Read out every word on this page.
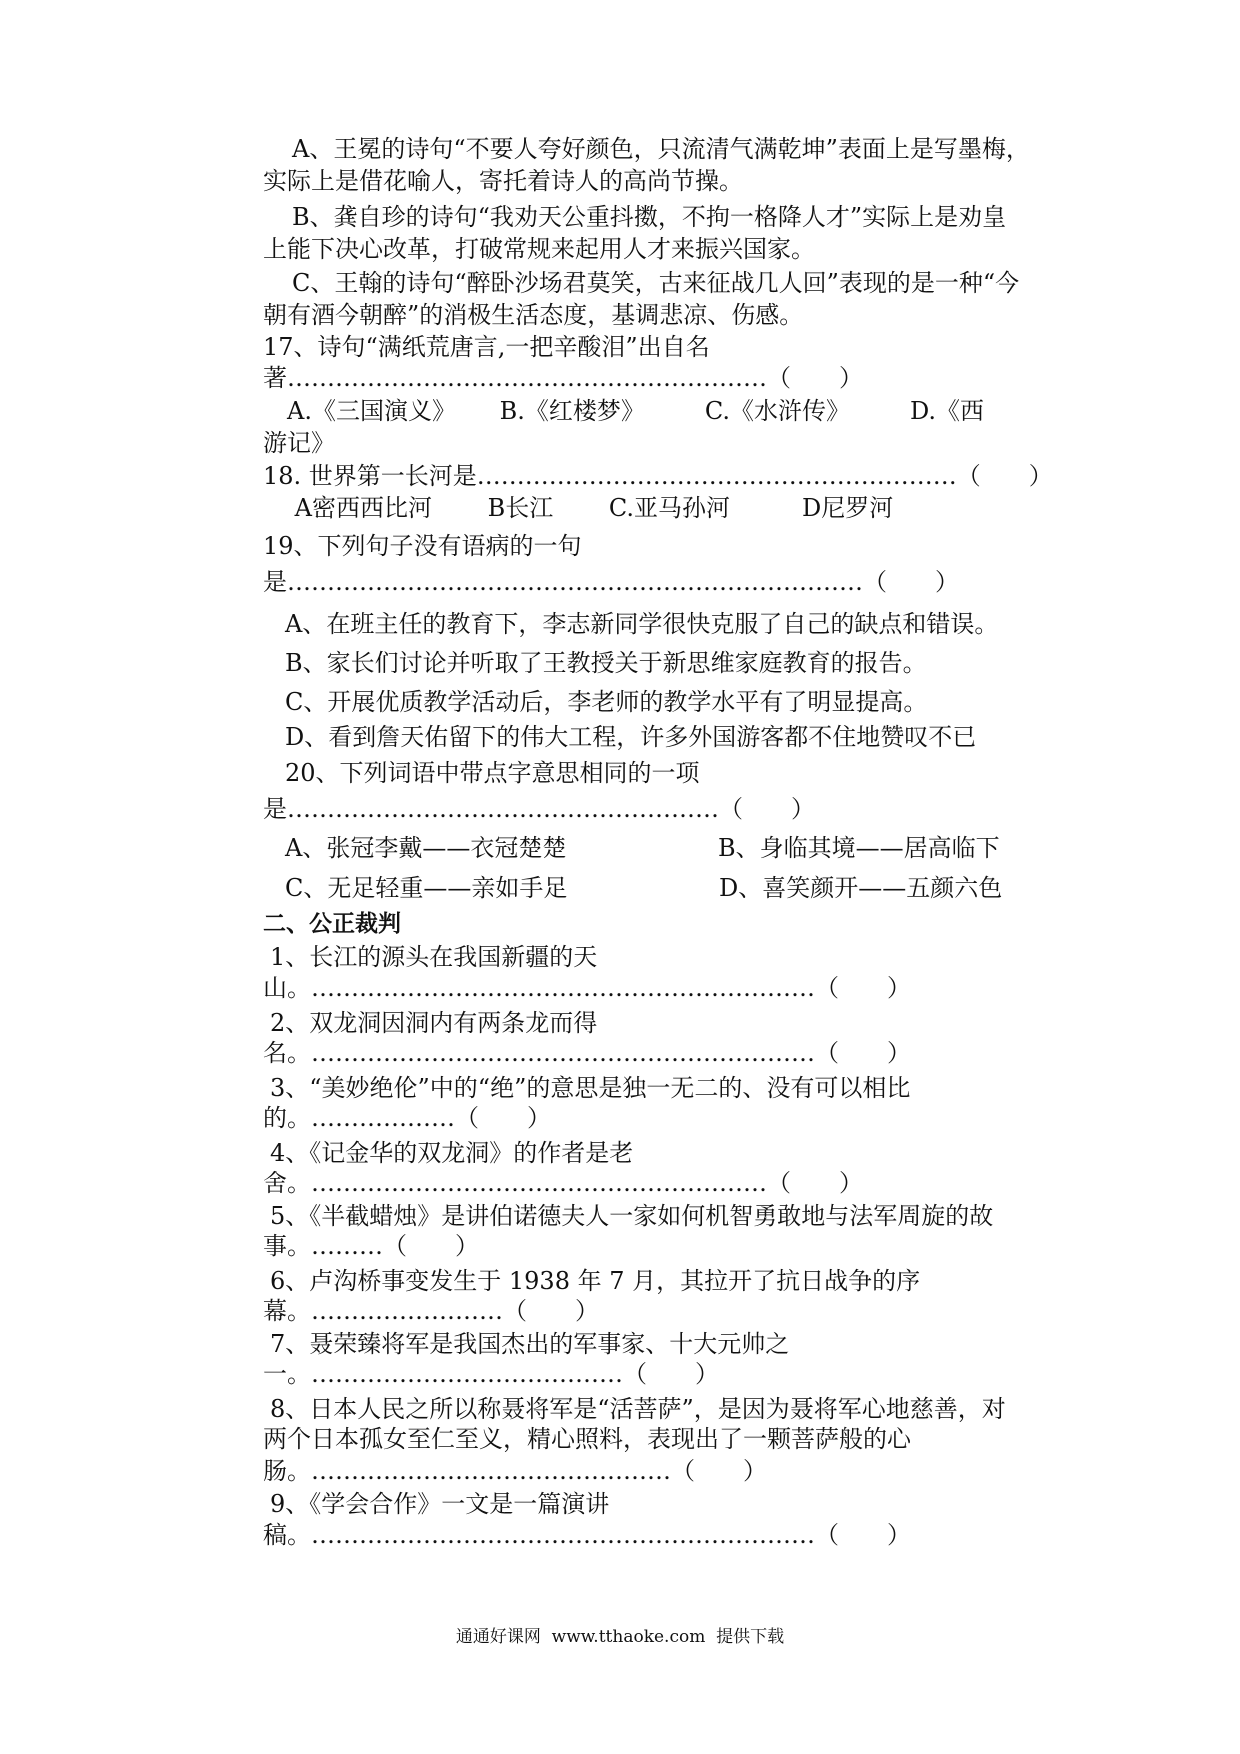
A、王冕的诗句“不要人夸好颜色，只流清气满乾坤”表面上是写墨梅，
实际上是借花喻人，寄托着诗人的高尚节操。
B、龚自珍的诗句“我劝天公重抖擞，不拘一格降人才”实际上是劝皇
上能下决心改革，打破常规来起用人才来振兴国家。
C、王翰的诗句“醉卧沙场君莫笑，古来征战几人回”表现的是一种“今
朝有酒今朝醉”的消极生活态度，基调悲凉、伤感。
17、诗句“满纸荒唐言,一把辛酸泪”出自名
著……………………………………………………（　　）
　A.《三国演义》　　 B.《红楼梦》　　　C.《水浒传》　　　D.《西
游记》
18. 世界第一长河是……………………………………………………（　　）
　 A密西西比河　　 B长江　　 C.亚马孙河　　　D尼罗河
19、下列句子没有语病的一句
是………………………………………………………………（　　）
A、在班主任的教育下，李志新同学很快克服了自己的缺点和错误。
B、家长们讨论并听取了王教授关于新思维家庭教育的报告。
C、开展优质教学活动后，李老师的教学水平有了明显提高。
D、看到詹天佑留下的伟大工程，许多外国游客都不住地赞叹不已
20、下列词语中带点字意思相同的一项
是………………………………………………（　　）
A、张冠李戴——衣冠楚楚　　　　　　 B、身临其境——居高临下
C、无足轻重——亲如手足　　　　　　 D、喜笑颜开——五颜六色
二、公正裁判
1、长江的源头在我国新疆的天
山。………………………………………………………（　　）
2、双龙洞因洞内有两条龙而得
名。………………………………………………………（　　）
3、“美妙绝伦”中的“绝”的意思是独一无二的、没有可以相比
的。………………（　　）
4、《记金华的双龙洞》的作者是老
舍。…………………………………………………（　　）
5、《半截蜡烛》是讲伯诺德夫人一家如何机智勇敢地与法军周旋的故
事。………（　　）
6、卢沟桥事变发生于 1938 年 7 月，其拉开了抗日战争的序
幕。……………………（　　）
7、聂荣臻将军是我国杰出的军事家、十大元帅之
一。…………………………………（　　）
8、日本人民之所以称聂将军是“活菩萨”，是因为聂将军心地慈善，对
两个日本孤女至仁至义，精心照料，表现出了一颗菩萨般的心
肠。………………………………………（　　）
9、《学会合作》一文是一篇演讲
稿。………………………………………………………（　　）
通通好课网  www.tthaoke.com  提供下载
